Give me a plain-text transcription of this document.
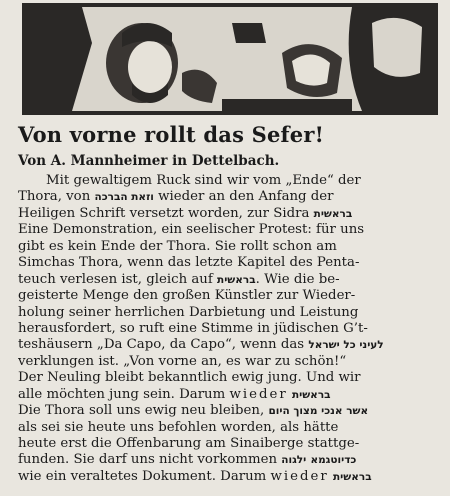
Von vorne rollt das Sefer!
Von A. Mannheimer in Dettelbach.
Mit gewaltigem Ruck sind wir vom „Ende“ der
Thora, von וזאת הברכה wieder an den Anfang der
Heiligen Schrift versetzt worden, zur Sidra בראשית
Eine Demonstration, ein seelischer Protest: für uns
gibt es kein Ende der Thora. Sie rollt schon am
Simchas Thora, wenn das letzte Kapitel des Penta-
teuch verlesen ist, gleich auf בראשית. Wie die be-
geisterte Menge den großen Künstler zur Wieder-
holung seiner herrlichen Darbietung und Leistung
herausfordert, so ruft eine Stimme in jüdischen G’t-
teshäusern „Da Capo, da Capo“, wenn das לעיני כל ישראל
verklungen ist. „Von vorne an, es war zu schön!“
Der Neuling bleibt bekanntlich ewig jung. Und wir
alle möchten jung sein. Darum wieder בראשית
Die Thora soll uns ewig neu bleiben, אשר אנכי מצוך היום
als sei sie heute uns befohlen worden, als hätte
heute erst die Offenbarung am Sinaiberge stattge-
funden. Sie darf uns nicht vorkommen	כדיוטגמא ילגוה
wie ein veraltetes Dokument. Darum wieder בראשית
